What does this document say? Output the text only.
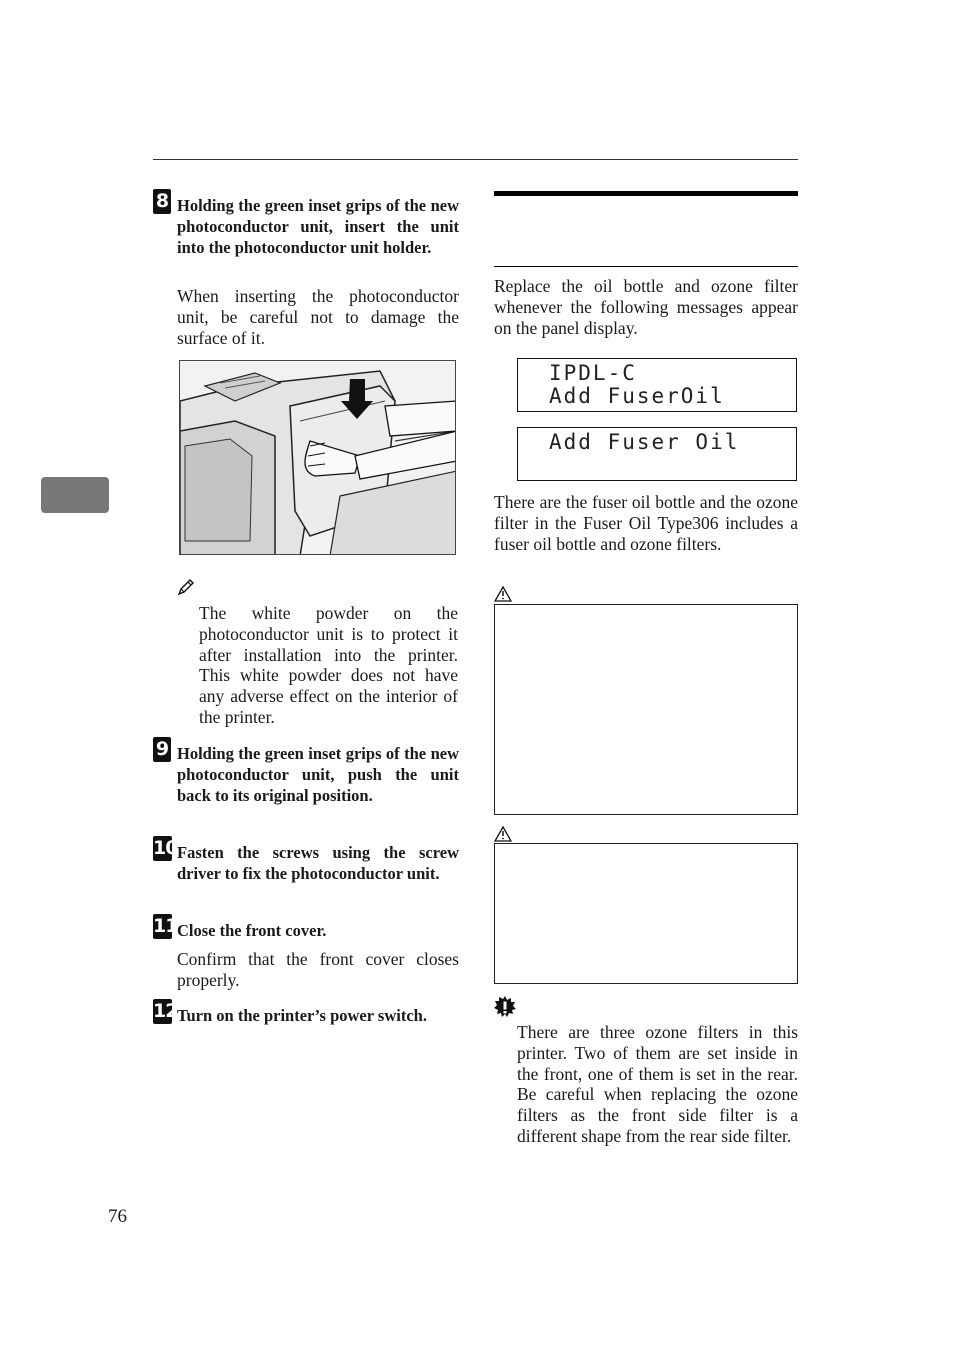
8 Holding the green inset grips of the new photoconductor unit, insert the unit into the photoconductor unit holder.
When inserting the photoconductor unit, be careful not to damage the surface of it.
The white powder on the photoconductor unit is to protect it after installation into the printer. This white powder does not have any adverse effect on the interior of the printer.
9 Holding the green inset grips of the new photoconductor unit, push the unit back to its original position.
10 Fasten the screws using the screw driver to fix the photoconductor unit.
11 Close the front cover.
Confirm that the front cover closes properly.
12 Turn on the printer’s power switch.
Replace the oil bottle and ozone filter whenever the following messages appear on the panel display.
IPDL-C
Add FuserOil
Add Fuser Oil
There are the fuser oil bottle and the ozone filter in the Fuser Oil Type306 includes a fuser oil bottle and ozone filters.
There are three ozone filters in this printer. Two of them are set inside in the front, one of them is set in the rear. Be careful when replacing the ozone filters as the front side filter is a different shape from the rear side filter.
76
